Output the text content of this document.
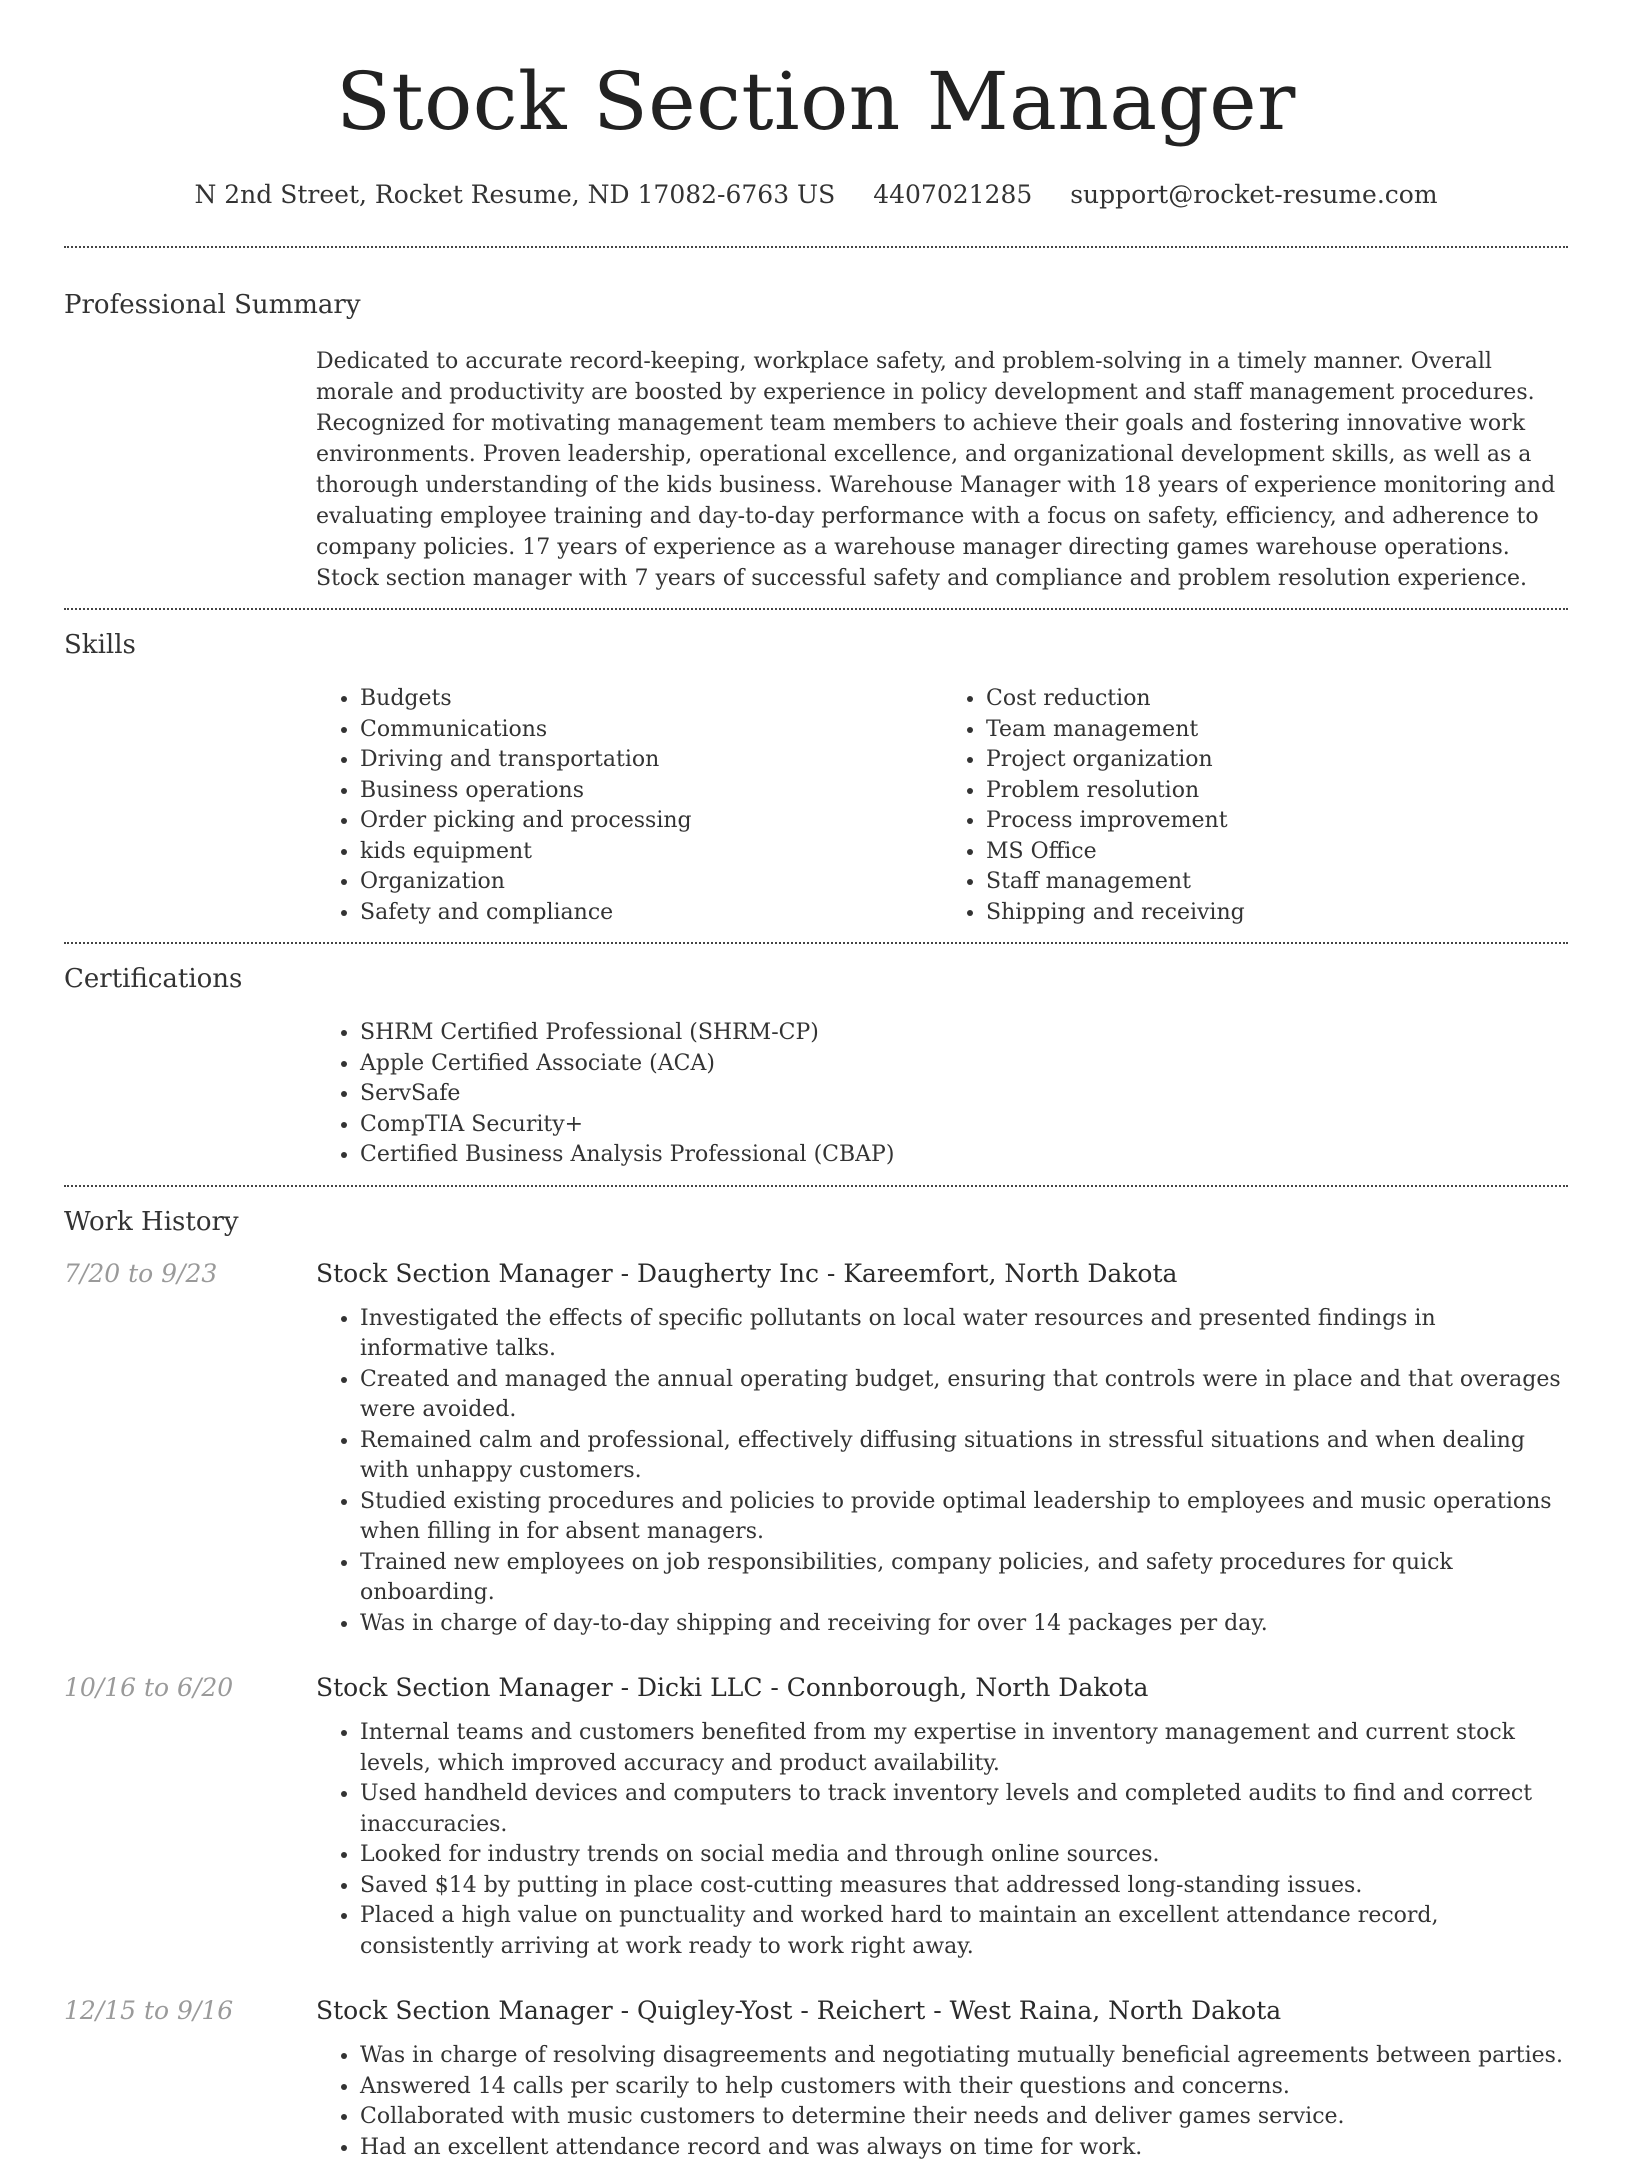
Stock Section Manager
N 2nd Street, Rocket Resume, ND 17082-6763 US 4407021285 support@rocket-resume.com
Professional Summary

Dedicated to accurate record-keeping, workplace safety, and problem-solving in a timely manner. Overall morale and productivity are boosted by experience in policy development and staff management procedures. Recognized for motivating management team members to achieve their goals and fostering innovative work environments. Proven leadership, operational excellence, and organizational development skills, as well as a thorough understanding of the kids business. Warehouse Manager with 18 years of experience monitoring and evaluating employee training and day-to-day performance with a focus on safety, efficiency, and adherence to company policies. 17 years of experience as a warehouse manager directing games warehouse operations. Stock section manager with 7 years of successful safety and compliance and problem resolution experience.

Skills
• Budgets
• Communications
• Driving and transportation
• Business operations
• Order picking and processing
• kids equipment
• Organization
• Safety and compliance
• Cost reduction
• Team management
• Project organization
• Problem resolution
• Process improvement
• MS Office
• Staff management
• Shipping and receiving
Certifications
• SHRM Certified Professional (SHRM-CP)
• Apple Certified Associate (ACA)
• ServSafe
• CompTIA Security+
• Certified Business Analysis Professional (CBAP)
Work History
7/20 to 9/23	Stock Section Manager - Daugherty Inc - Kareemfort, North Dakota
• Investigated the effects of specific pollutants on local water resources and presented findings in informative talks.
• Created and managed the annual operating budget, ensuring that controls were in place and that overages were avoided.
• Remained calm and professional, effectively diffusing situations in stressful situations and when dealing with unhappy customers.
• Studied existing procedures and policies to provide optimal leadership to employees and music operations when filling in for absent managers.
• Trained new employees on job responsibilities, company policies, and safety procedures for quick onboarding.
• Was in charge of day-to-day shipping and receiving for over 14 packages per day.
10/16 to 6/20	Stock Section Manager - Dicki LLC - Connborough, North Dakota
• Internal teams and customers benefited from my expertise in inventory management and current stock levels, which improved accuracy and product availability.
• Used handheld devices and computers to track inventory levels and completed audits to find and correct inaccuracies.
• Looked for industry trends on social media and through online sources.
• Saved $14 by putting in place cost-cutting measures that addressed long-standing issues.
• Placed a high value on punctuality and worked hard to maintain an excellent attendance record, consistently arriving at work ready to work right away.
12/15 to 9/16	Stock Section Manager - Quigley-Yost - Reichert - West Raina, North Dakota
• Was in charge of resolving disagreements and negotiating mutually beneficial agreements between parties.
• Answered 14 calls per scarily to help customers with their questions and concerns.
• Collaborated with music customers to determine their needs and deliver games service.
• Had an excellent attendance record and was always on time for work.
